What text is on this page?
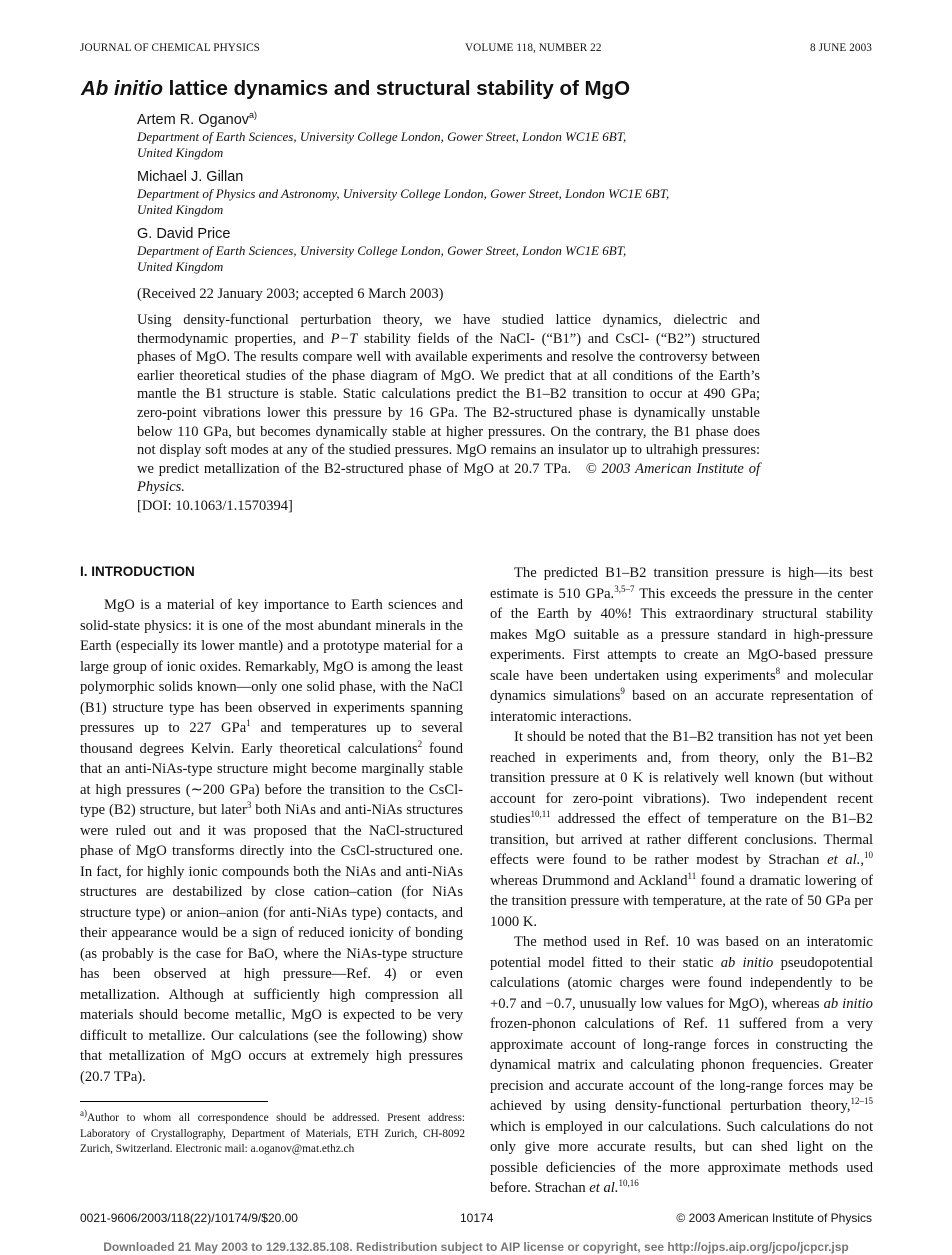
JOURNAL OF CHEMICAL PHYSICS	VOLUME 118, NUMBER 22	8 JUNE 2003
Ab initio lattice dynamics and structural stability of MgO
Artem R. Oganov$^{a)}$
Department of Earth Sciences, University College London, Gower Street, London WC1E 6BT,
United Kingdom
Michael J. Gillan
Department of Physics and Astronomy, University College London, Gower Street, London WC1E 6BT,
United Kingdom
G. David Price
Department of Earth Sciences, University College London, Gower Street, London WC1E 6BT,
United Kingdom
(Received 22 January 2003; accepted 6 March 2003)
Using density-functional perturbation theory, we have studied lattice dynamics, dielectric and thermodynamic properties, and P−T stability fields of the NaCl- (“B1”) and CsCl- (“B2”) structured phases of MgO. The results compare well with available experiments and resolve the controversy between earlier theoretical studies of the phase diagram of MgO. We predict that at all conditions of the Earth’s mantle the B1 structure is stable. Static calculations predict the B1–B2 transition to occur at 490 GPa; zero-point vibrations lower this pressure by 16 GPa. The B2-structured phase is dynamically unstable below 110 GPa, but becomes dynamically stable at higher pressures. On the contrary, the B1 phase does not display soft modes at any of the studied pressures. MgO remains an insulator up to ultrahigh pressures: we predict metallization of the B2-structured phase of MgO at 20.7 TPa. © 2003 American Institute of Physics.
[DOI: 10.1063/1.1570394]

I. INTRODUCTION

MgO is a material of key importance to Earth sciences and solid-state physics: it is one of the most abundant minerals in the Earth (especially its lower mantle) and a prototype material for a large group of ionic oxides. Remarkably, MgO is among the least polymorphic solids known—only one solid phase, with the NaCl (B1) structure type has been observed in experiments spanning pressures up to 227 GPa$^1$ and temperatures up to several thousand degrees Kelvin. Early theoretical calculations$^2$ found that an anti-NiAs-type structure might become marginally stable at high pressures (∼200 GPa) before the transition to the CsCl-type (B2) structure, but later$^3$ both NiAs and anti-NiAs structures were ruled out and it was proposed that the NaCl-structured phase of MgO transforms directly into the CsCl-structured one. In fact, for highly ionic compounds both the NiAs and anti-NiAs structures are destabilized by close cation–cation (for NiAs structure type) or anion–anion (for anti-NiAs type) contacts, and their appearance would be a sign of reduced ionicity of bonding (as probably is the case for BaO, where the NiAs-type structure has been observed at high pressure—Ref. 4) or even metallization. Although at sufficiently high compression all materials should become metallic, MgO is expected to be very difficult to metallize. Our calculations (see the following) show that metallization of MgO occurs at extremely high pressures (20.7 TPa).

The predicted B1–B2 transition pressure is high—its best estimate is 510 GPa.$^{3,5-7}$ This exceeds the pressure in the center of the Earth by 40%! This extraordinary structural stability makes MgO suitable as a pressure standard in high-pressure experiments. First attempts to create an MgO-based pressure scale have been undertaken using experiments$^8$ and molecular dynamics simulations$^9$ based on an accurate representation of interatomic interactions.

It should be noted that the B1–B2 transition has not yet been reached in experiments and, from theory, only the B1–B2 transition pressure at 0 K is relatively well known (but without account for zero-point vibrations). Two independent recent studies$^{10,11}$ addressed the effect of temperature on the B1–B2 transition, but arrived at rather different conclusions. Thermal effects were found to be rather modest by Strachan et al.,$^{10}$ whereas Drummond and Ackland$^{11}$ found a dramatic lowering of the transition pressure with temperature, at the rate of 50 GPa per 1000 K.

The method used in Ref. 10 was based on an interatomic potential model fitted to their static ab initio pseudopotential calculations (atomic charges were found independently to be +0.7 and −0.7, unusually low values for MgO), whereas ab initio frozen-phonon calculations of Ref. 11 suffered from a very approximate account of long-range forces in constructing the dynamical matrix and calculating phonon frequencies. Greater precision and accurate account of the long-range forces may be achieved by using density-functional perturbation theory,$^{12-15}$ which is employed in our calculations. Such calculations do not only give more accurate results, but can shed light on the possible deficiencies of the more approximate methods used before. Strachan et al.$^{10,16}$

$^{a)}$Author to whom all correspondence should be addressed. Present address: Laboratory of Crystallography, Department of Materials, ETH Zurich, CH-8092 Zurich, Switzerland. Electronic mail: a.oganov@mat.ethz.ch
0021-9606/2003/118(22)/10174/9/$20.00	10174	© 2003 American Institute of Physics
Downloaded 21 May 2003 to 129.132.85.108. Redistribution subject to AIP license or copyright, see http://ojps.aip.org/jcpo/jcpcr.jsp
